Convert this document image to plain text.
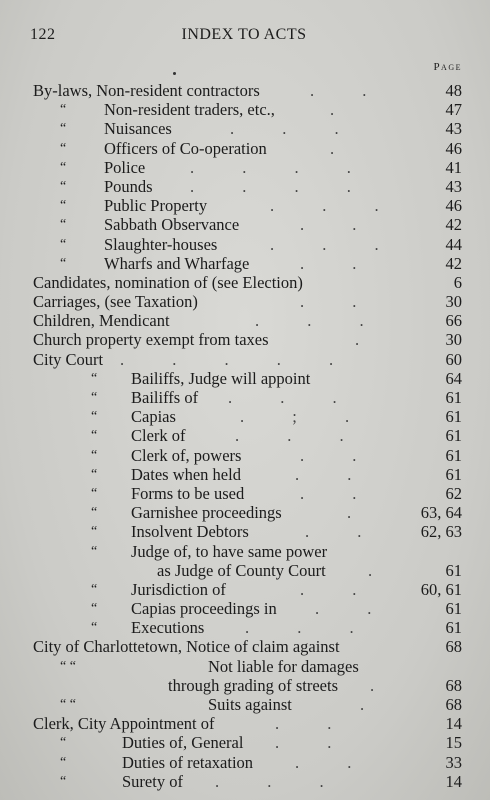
122	INDEX TO ACTS
Page
By-laws, Non-resident contractors	. .	48
“ Non-resident traders, etc.,	.	47
“ Nuisances	. . .	43
“ Officers of Co-operation	.	46
“ Police	. . . .	41
“ Pounds . . . .	43
“ Public Property	. . .	46
“ Sabbath Observance	. .	42
“ Slaughter-houses	. . .	44
“ Wharfs and Wharfage	. .	42
Candidates, nomination of (see Election)	6
Carriages, (see Taxation)	. .	30
Children, Mendicant	. . .	66
Church property exempt from taxes	.	30
City Court . . . . .	60
“ Bailiffs, Judge will appoint	64
“ Bailiffs of . . .	61
“ Capias	. ; .	61
“ Clerk of	. . .	61
“ Clerk of, powers	. .	61
“ Dates when held	. .	61
“ Forms to be used	. .	62
“ Garnishee proceedings	.	63, 64
“ Insolvent Debtors	. . 62, 63
“ Judge of, to have same power
as Judge of County Court	.	61
“ Jurisdiction of	. .	60, 61
“ Capias proceedings in . .	61
“ Executions . . .	61
City of Charlottetown, Notice of claim against	68
“ “	Not liable for damages
through grading of streets .	68
“ “	Suits against	.	68
Clerk, City Appointment of	. .	14
“	Duties of, General . .	15
“	Duties of retaxation	. .	33
“	Surety of . . .	14
